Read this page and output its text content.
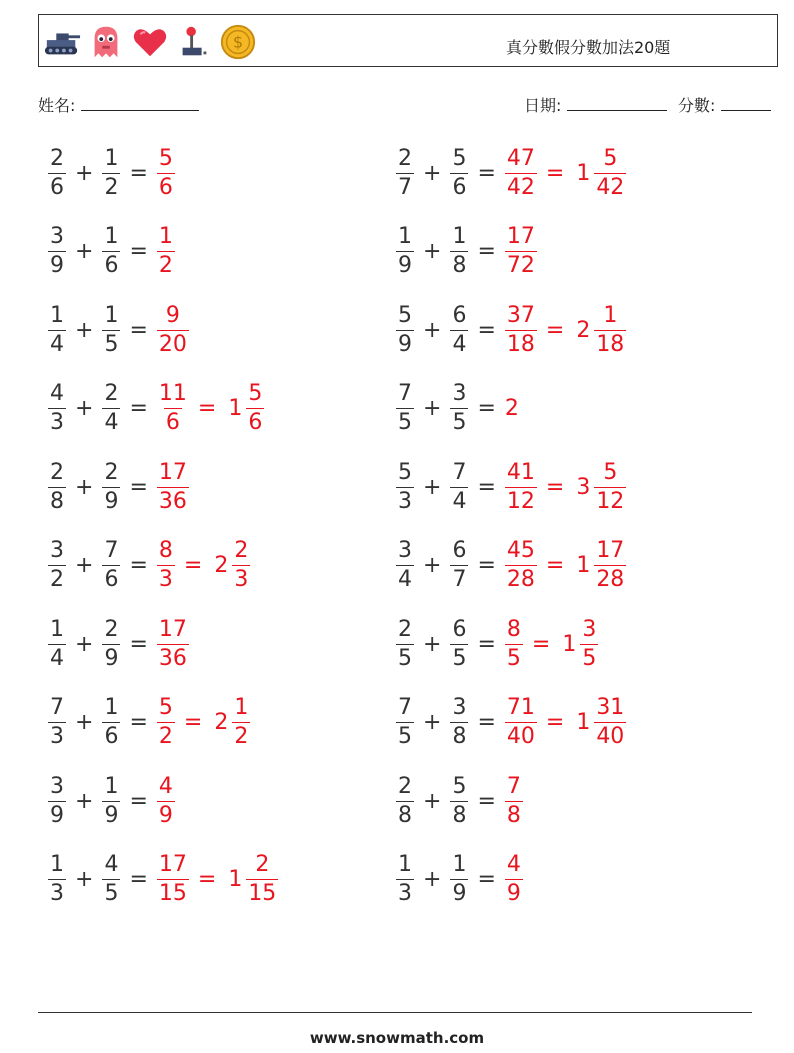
$	真分數假分數加法20題
姓名:	日期:	分數:
$\frac{2}{6} + \frac{1}{2} = \frac{5}{6}$
$\frac{3}{9} + \frac{1}{6} = \frac{1}{2}$
$\frac{1}{4} + \frac{1}{5} = \frac{9}{20}$
$\frac{4}{3} + \frac{2}{4} = \frac{11}{6} = 1 \frac{5}{6}$
$\frac{2}{8} + \frac{2}{9} = \frac{17}{36}$
$\frac{3}{2} + \frac{7}{6} = \frac{8}{3} = 2 \frac{2}{3}$
$\frac{1}{4} + \frac{2}{9} = \frac{17}{36}$
$\frac{7}{3} + \frac{1}{6} = \frac{5}{2} = 2 \frac{1}{2}$
$\frac{3}{9} + \frac{1}{9} = \frac{4}{9}$
$\frac{1}{3} + \frac{4}{5} = \frac{17}{15} = 1 \frac{2}{15}$
$\frac{2}{7} + \frac{5}{6} = \frac{47}{42} = 1 \frac{5}{42}$
$\frac{1}{9} + \frac{1}{8} = \frac{17}{72}$
$\frac{5}{9} + \frac{6}{4} = \frac{37}{18} = 2 \frac{1}{18}$
$\frac{7}{5} + \frac{3}{5} = 2$
$\frac{5}{3} + \frac{7}{4} = \frac{41}{12} = 3 \frac{5}{12}$
$\frac{3}{4} + \frac{6}{7} = \frac{45}{28} = 1 \frac{17}{28}$
$\frac{2}{5} + \frac{6}{5} = \frac{8}{5} = 1 \frac{3}{5}$
$\frac{7}{5} + \frac{3}{8} = \frac{71}{40} = 1 \frac{31}{40}$
$\frac{2}{8} + \frac{5}{8} = \frac{7}{8}$
$\frac{1}{3} + \frac{1}{9} = \frac{4}{9}$
www.snowmath.com
